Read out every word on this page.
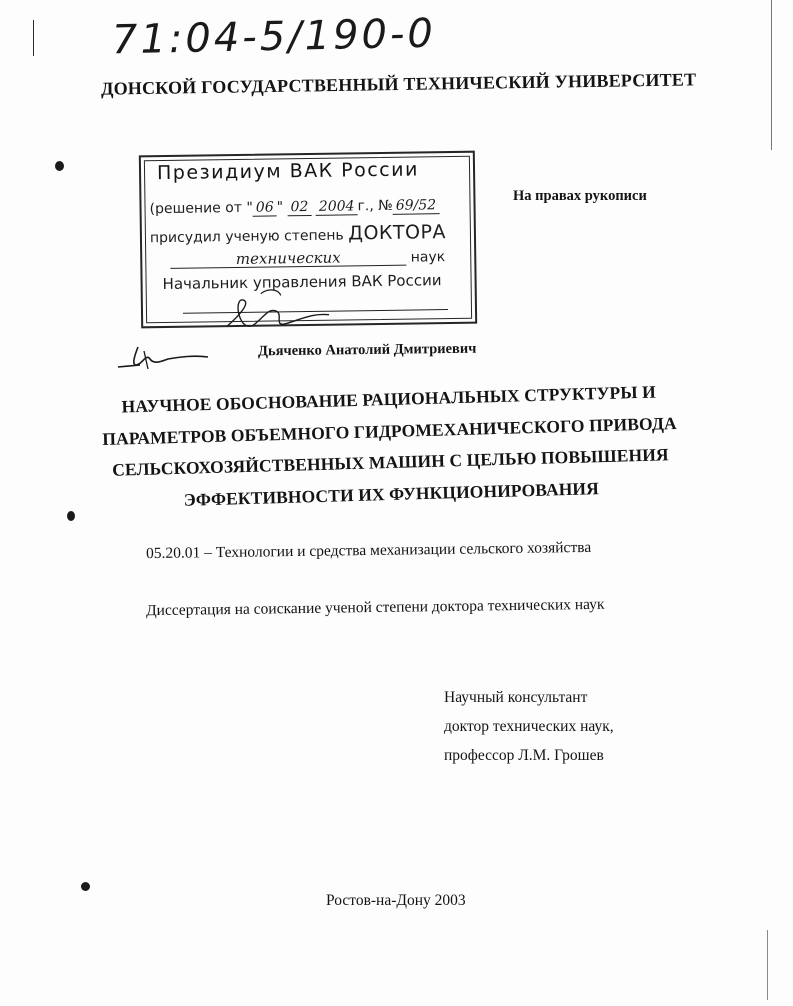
71:04-5/190-0
ДОНСКОЙ ГОСУДАРСТВЕННЫЙ ТЕХНИЧЕСКИЙ УНИВЕРСИТЕТ
Президиум ВАК России
(решение от " 06 " 02 2004 г., № 69/52
присудил ученую степень ДОКТОРА
технических	наук
Начальник управления ВАК России
На правах рукописи
Дьяченко Анатолий Дмитриевич
НАУЧНОЕ ОБОСНОВАНИЕ РАЦИОНАЛЬНЫХ СТРУКТУРЫ И
ПАРАМЕТРОВ ОБЪЕМНОГО ГИДРОМЕХАНИЧЕСКОГО ПРИВОДА
СЕЛЬСКОХОЗЯЙСТВЕННЫХ МАШИН С ЦЕЛЬЮ ПОВЫШЕНИЯ
ЭФФЕКТИВНОСТИ ИХ ФУНКЦИОНИРОВАНИЯ
05.20.01 – Технологии и средства механизации сельского хозяйства
Диссертация на соискание ученой степени доктора технических наук
Научный консультант
доктор технических наук,
профессор Л.М. Грошев
Ростов-на-Дону 2003
